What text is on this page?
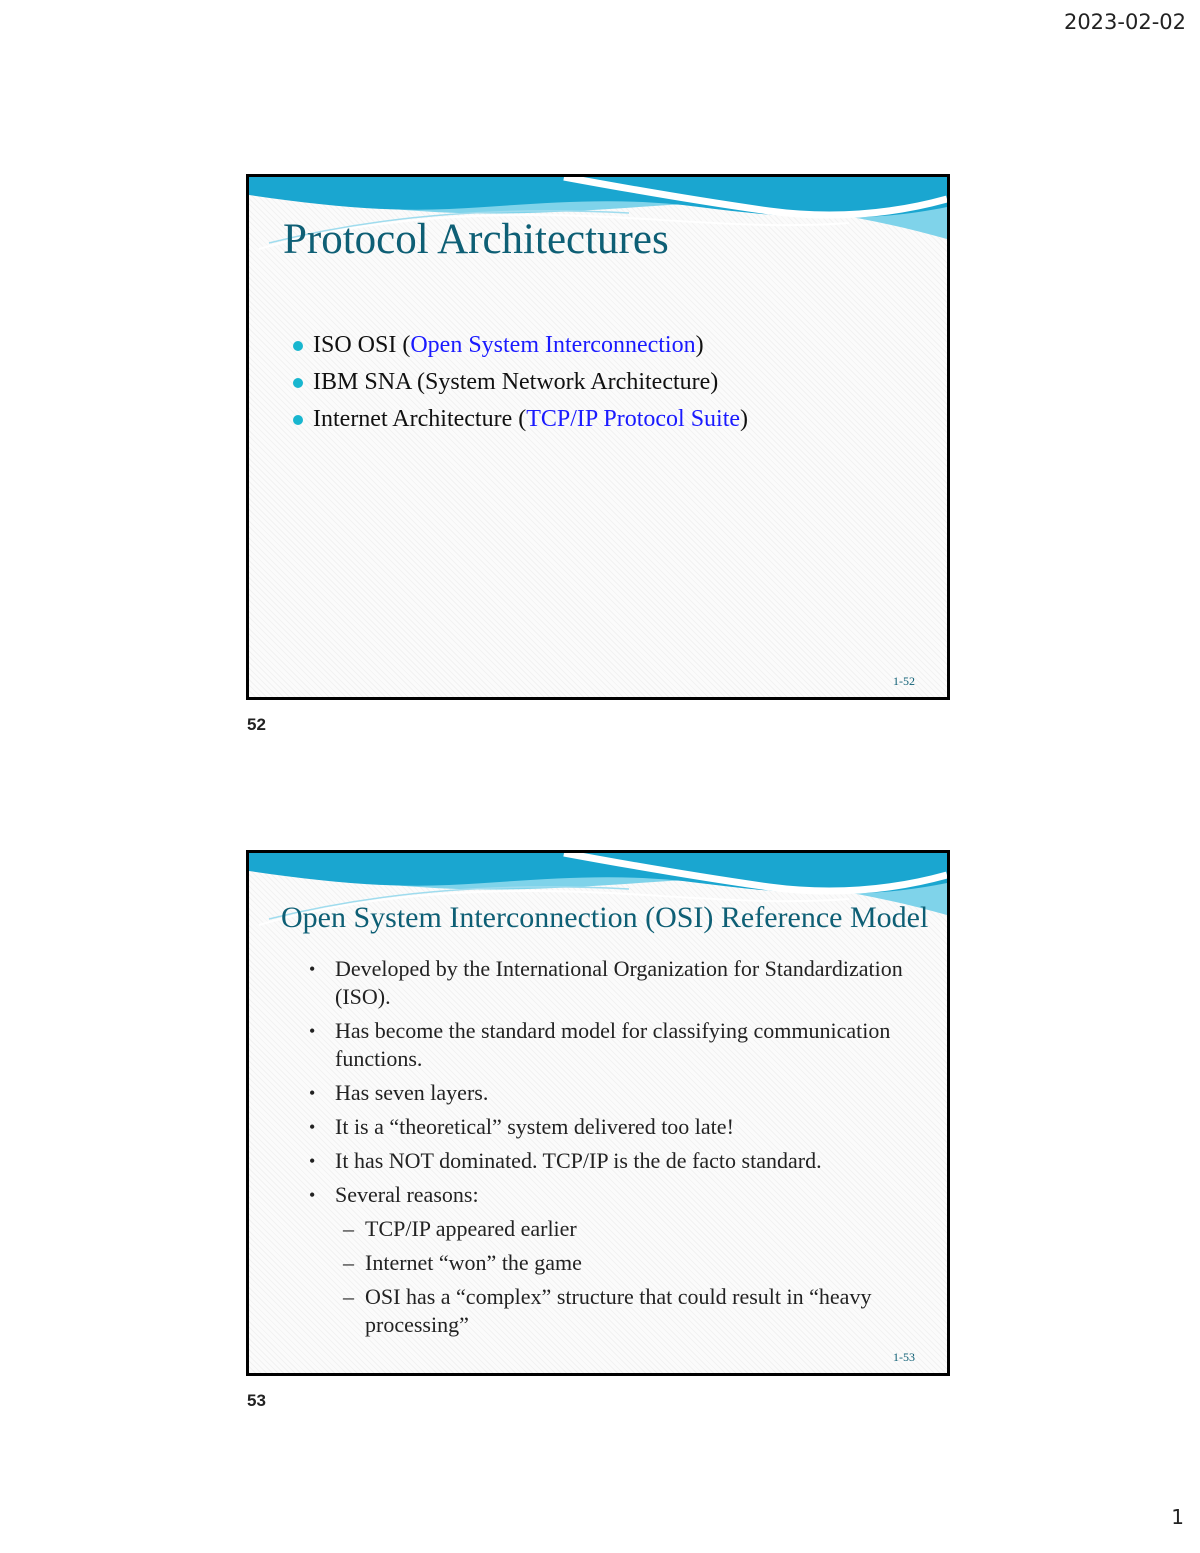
2023-02-02
Protocol Architectures
ISO OSI (Open System Interconnection)
IBM SNA (System Network Architecture)
Internet Architecture (TCP/IP Protocol Suite)
1-52
52
Open System Interconnection (OSI) Reference Model
• Developed by the International Organization for Standardization (ISO).
• Has become the standard model for classifying communication functions.
• Has seven layers.
• It is a “theoretical” system delivered too late!
• It has NOT dominated. TCP/IP is the de facto standard.
• Several reasons:
– TCP/IP appeared earlier
– Internet “won” the game
– OSI has a “complex” structure that could result in “heavy processing”
1-53
53
1
